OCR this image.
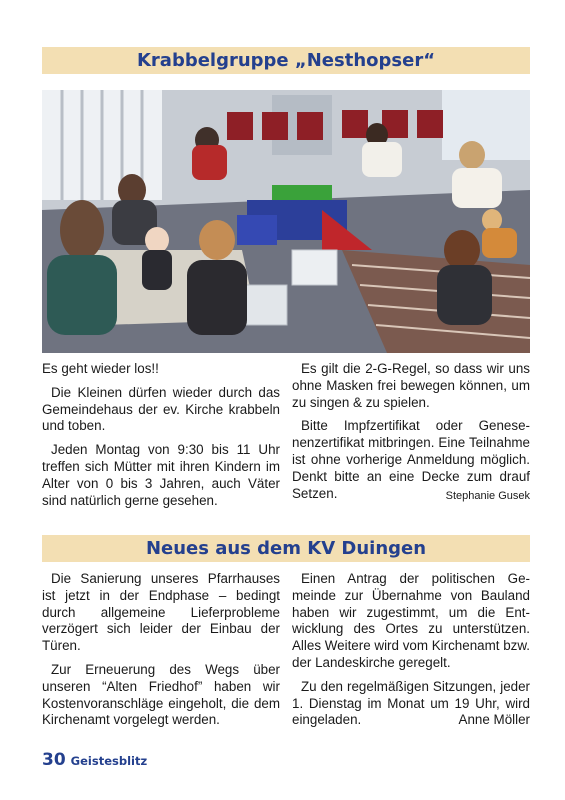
Krabbelgruppe „Nesthopser“

Es geht wieder los!!

Die Kleinen dürfen wieder durch das Gemeindehaus der ev. Kirche krabbeln und toben.

Jeden Montag von 9:30 bis 11 Uhr treffen sich Mütter mit ihren Kindern im Alter von 0 bis 3 Jahren, auch Väter sind natürlich gerne gesehen.

Es gilt die 2-G-Regel, so dass wir uns ohne Masken frei bewegen können, um zu singen & zu spielen.

Bitte Impfzertifikat oder Genesenenzertifikat mitbringen. Eine Teilnahme ist ohne vorherige Anmeldung möglich. Denkt bitte an eine Decke zum drauf Setzen.	Stephanie Gusek

Neues aus dem KV Duingen

Die Sanierung unseres Pfarrhauses ist jetzt in der Endphase – bedingt durch allgemeine Lieferprobleme verzögert sich leider der Einbau der Türen.

Zur Erneuerung des Wegs über unseren “Alten Friedhof” haben wir Kostenvoranschläge eingeholt, die dem Kirchenamt vorgelegt werden.

Einen Antrag der politischen Gemeinde zur Übernahme von Bauland haben wir zugestimmt, um die Entwicklung des Ortes zu unterstützen. Alles Weitere wird vom Kirchenamt bzw. der Landeskirche geregelt.

Zu den regelmäßigen Sitzungen, jeder 1. Dienstag im Monat um 19 Uhr, wird eingeladen.	Anne Möller

30 Geistesblitz
